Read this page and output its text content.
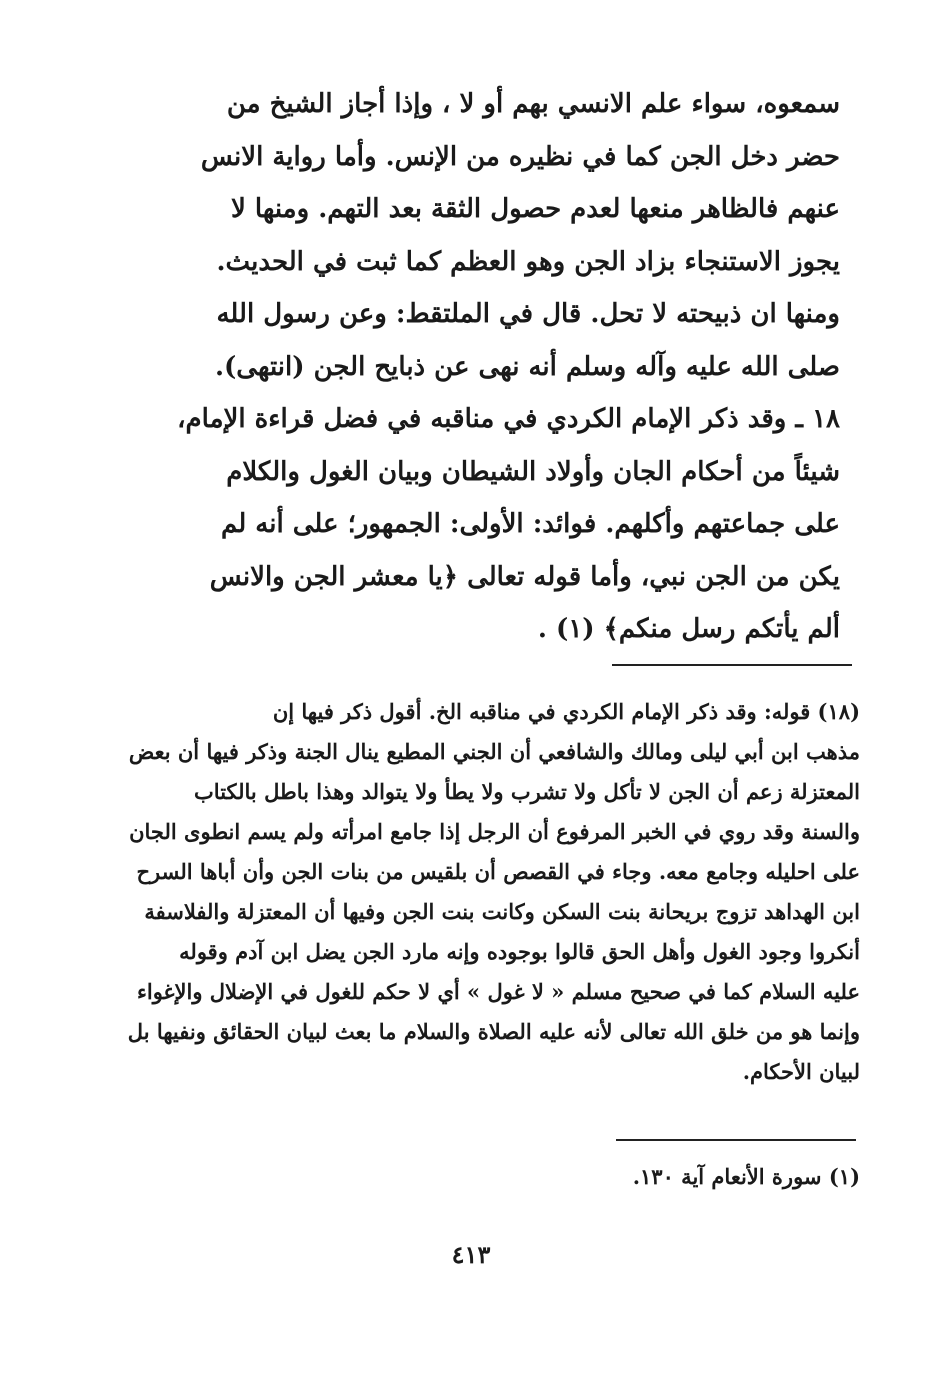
سمعوه، سواء علم الانسي بهم أو لا ، وإذا أجاز الشيخ من
حضر دخل الجن كما في نظيره من الإنس. وأما رواية الانس
عنهم فالظاهر منعها لعدم حصول الثقة بعد التهم. ومنها لا
يجوز الاستنجاء بزاد الجن وهو العظم كما ثبت في الحديث.
ومنها ان ذبيحته لا تحل. قال في الملتقط: وعن رسول الله
صلى الله عليه وآله وسلم أنه نهى عن ذبايح الجن (انتهى).
١٨ ـ وقد ذكر الإمام الكردي في مناقبه في فضل قراءة الإمام،
شيئاً من أحكام الجان وأولاد الشيطان وبيان الغول والكلام
على جماعتهم وأكلهم. فوائد: الأولى: الجمهور؛ على أنه لم
يكن من الجن نبي، وأما قوله تعالى ﴿يا معشر الجن والانس
ألم يأتكم رسل منكم﴾ (١) .
(١٨) قوله: وقد ذكر الإمام الكردي في مناقبه الخ. أقول ذكر فيها إن
مذهب ابن أبي ليلى ومالك والشافعي أن الجني المطيع ينال الجنة وذكر فيها أن بعض
المعتزلة زعم أن الجن لا تأكل ولا تشرب ولا يطأ ولا يتوالد وهذا باطل بالكتاب
والسنة وقد روي في الخبر المرفوع أن الرجل إذا جامع امرأته ولم يسم انطوى الجان
على احليله وجامع معه. وجاء في القصص أن بلقيس من بنات الجن وأن أباها السرح
ابن الهداهد تزوج بريحانة بنت السكن وكانت بنت الجن وفيها أن المعتزلة والفلاسفة
أنكروا وجود الغول وأهل الحق قالوا بوجوده وإنه مارد الجن يضل ابن آدم وقوله
عليه السلام كما في صحيح مسلم « لا غول » أي لا حكم للغول في الإضلال والإغواء
وإنما هو من خلق الله تعالى لأنه عليه الصلاة والسلام ما بعث لبيان الحقائق ونفيها بل
لبيان الأحكام.
(١) سورة الأنعام آية ١٣٠.
٤١٣
